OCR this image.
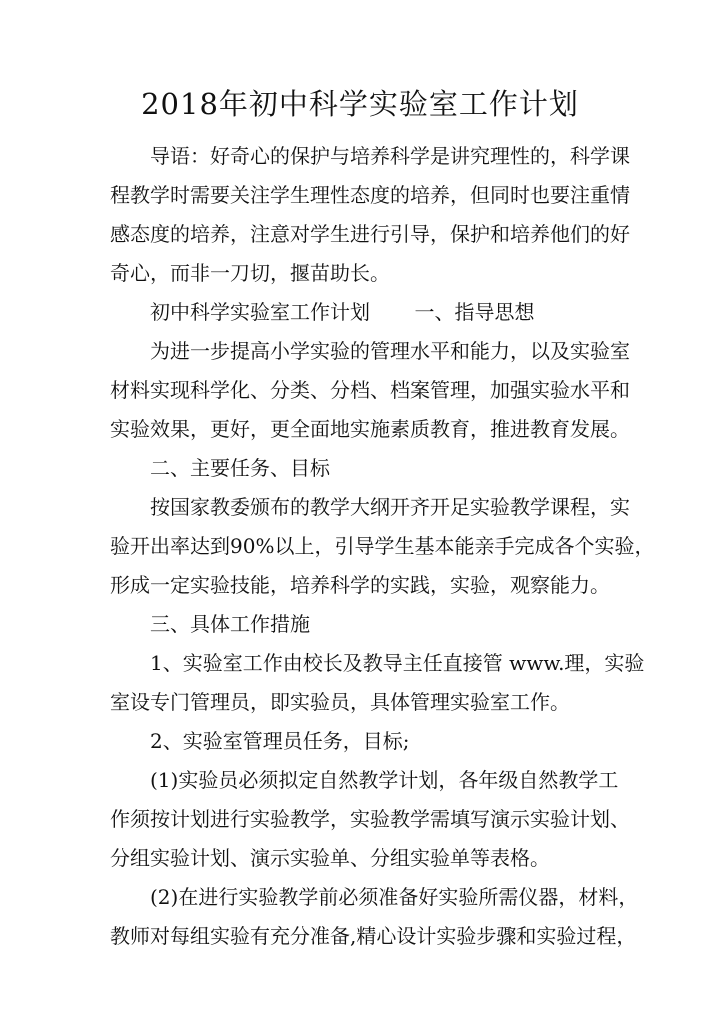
2018年初中科学实验室工作计划
导语：好奇心的保护与培养科学是讲究理性的，科学课
程教学时需要关注学生理性态度的培养，但同时也要注重情
感态度的培养，注意对学生进行引导，保护和培养他们的好
奇心，而非一刀切，揠苗助长。
初中科学实验室工作计划       一、指导思想
为进一步提高小学实验的管理水平和能力，以及实验室
材料实现科学化、分类、分档、档案管理，加强实验水平和
实验效果，更好，更全面地实施素质教育，推进教育发展。
二、主要任务、目标
按国家教委颁布的教学大纲开齐开足实验教学课程，实
验开出率达到90%以上，引导学生基本能亲手完成各个实验，
形成一定实验技能，培养科学的实践，实验，观察能力。
三、具体工作措施
1、实验室工作由校长及教导主任直接管 www.理，实验
室设专门管理员，即实验员，具体管理实验室工作。
2、实验室管理员任务，目标;
(1)实验员必须拟定自然教学计划，各年级自然教学工
作须按计划进行实验教学，实验教学需填写演示实验计划、
分组实验计划、演示实验单、分组实验单等表格。
(2)在进行实验教学前必须准备好实验所需仪器，材料，
教师对每组实验有充分准备,精心设计实验步骤和实验过程，
